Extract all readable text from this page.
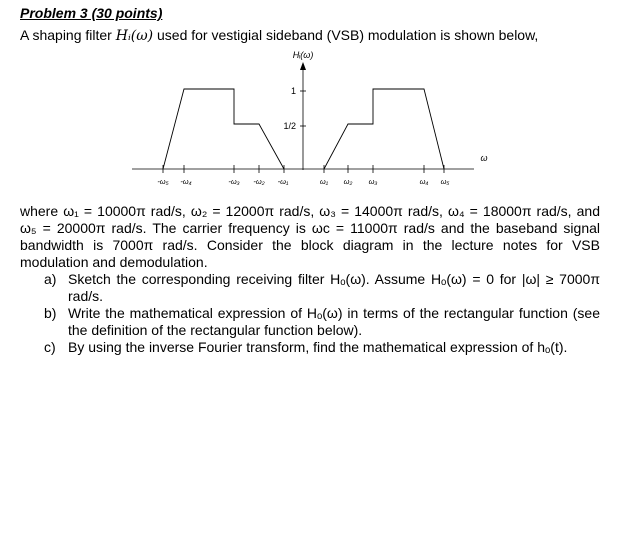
Problem 3 (30 points)
A shaping filter Hᵢ(ω) used for vestigial sideband (VSB) modulation is shown below,
Hᵢ(ω)
1
1/2
ω
-ω₅ -ω₄	-ω₃ -ω₂ -ω₁	ω₁ ω₂ ω₃	ω₄ ω₅
where ω₁ = 10000π rad/s, ω₂ = 12000π rad/s, ω₃ = 14000π rad/s, ω₄ = 18000π rad/s, and ω₅ = 20000π rad/s. The carrier frequency is ωc = 11000π rad/s and the baseband signal bandwidth is 7000π rad/s. Consider the block diagram in the lecture notes for VSB modulation and demodulation.
a) Sketch the corresponding receiving filter Hₒ(ω). Assume Hₒ(ω) = 0 for |ω| ≥ 7000π rad/s.
b) Write the mathematical expression of Hₒ(ω) in terms of the rectangular function (see the definition of the rectangular function below).
c) By using the inverse Fourier transform, find the mathematical expression of hₒ(t).
